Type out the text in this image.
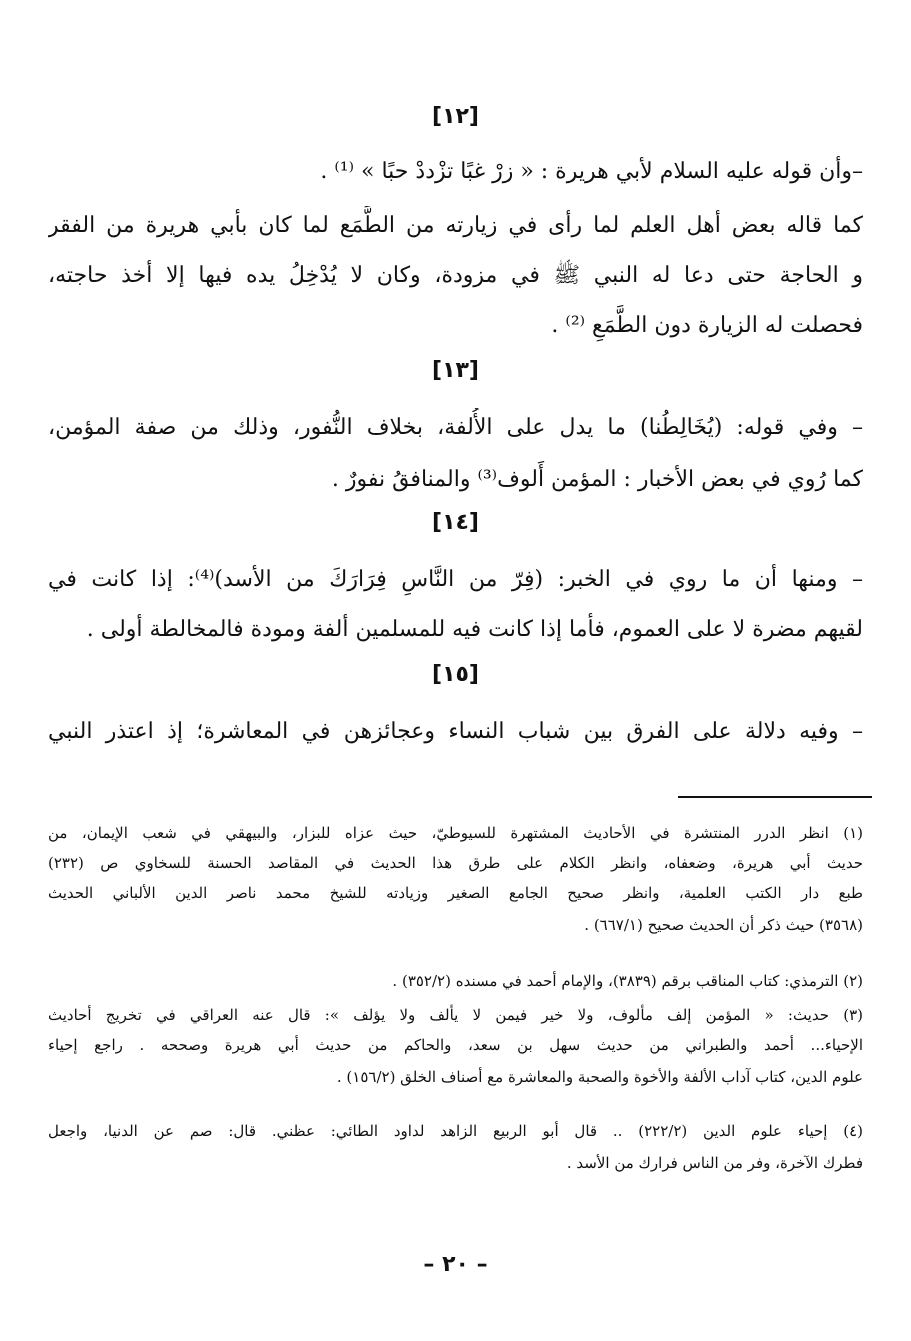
[١٢]
–وأن قوله عليه السلام لأبي هريرة : « زرْ غبًا تزْددْ حبًا » ⁽¹⁾ .
كما قاله بعض أهل العلم لما رأى في زيارته من الطَّمَع لما كان بأبي هريرة من الفقر
و الحاجة حتى دعا له النبي ﷺ في مزودة، وكان لا يُدْخِلُ يده فيها إلا أخذ حاجته،
فحصلت له الزيارة دون الطَّمَعِ ⁽²⁾ .
[١٣]
– وفي قوله: (يُخَالِطُنا) ما يدل على الأُلفة، بخلاف النُّفور، وذلك من صفة المؤمن،
كما رُوي في بعض الأخبار : المؤمن أَلوف⁽³⁾ والمنافقُ نفورٌ .
[١٤]
– ومنها أن ما روي في الخبر: (فِرّ من النَّاسِ فِرَارَكَ من الأسد)⁽⁴⁾: إذا كانت في
لقيهم مضرة لا على العموم، فأما إذا كانت فيه للمسلمين ألفة ومودة فالمخالطة أولى .
[١٥]
– وفيه دلالة على الفرق بين شباب النساء وعجائزهن في المعاشرة؛ إذ اعتذر النبي
(١) انظر الدرر المنتشرة في الأحاديث المشتهرة للسيوطيّ، حيث عزاه للبزار، والبيهقي في شعب الإيمان، من
حديث أبي هريرة، وضعفاه، وانظر الكلام على طرق هذا الحديث في المقاصد الحسنة للسخاوي ص (٢٣٢)
طبع دار الكتب العلمية، وانظر صحيح الجامع الصغير وزيادته للشيخ محمد ناصر الدين الألباني الحديث
(٣٥٦٨) حيث ذكر أن الحديث صحيح (٦٦٧/١) .
(٢) الترمذي: كتاب المناقب برقم (٣٨٣٩)، والإمام أحمد في مسنده (٣٥٢/٢) .
(٣) حديث: « المؤمن إلف مألوف، ولا خير فيمن لا يألف ولا يؤلف »: قال عنه العراقي في تخريج أحاديث
الإحياء... أحمد والطبراني من حديث سهل بن سعد، والحاكم من حديث أبي هريرة وصححه . راجع إحياء
علوم الدين، كتاب آداب الألفة والأخوة والصحبة والمعاشرة مع أصناف الخلق (١٥٦/٢) .
(٤) إحياء علوم الدين (٢٢٢/٢) .. قال أبو الربيع الزاهد لداود الطائي: عظني. قال: صم عن الدنيا، واجعل
فطرك الآخرة، وفر من الناس فرارك من الأسد .
– ٢٠ –
